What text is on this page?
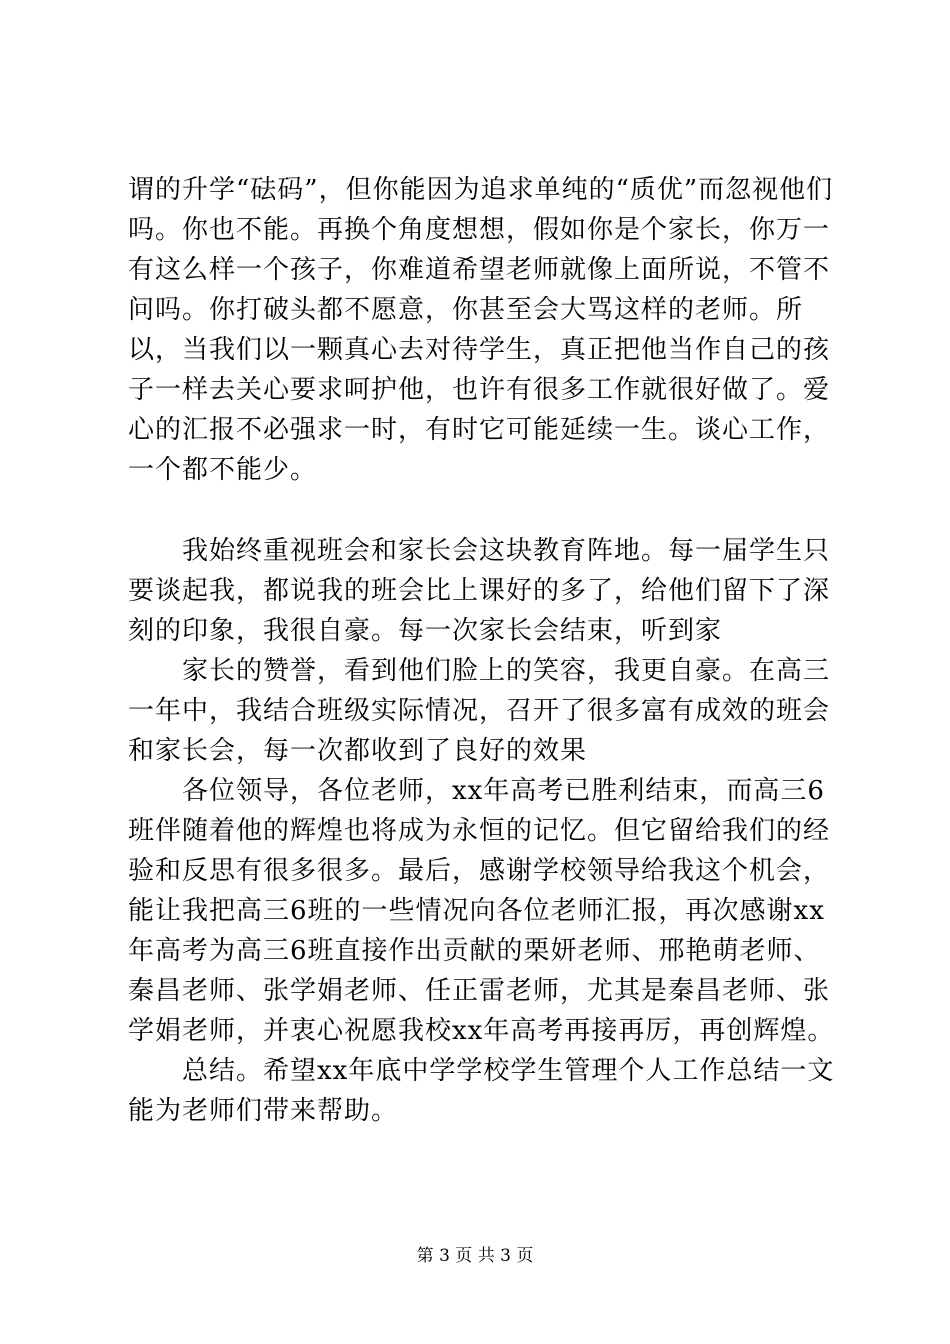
谓的升学“砝码”，但你能因为追求单纯的“质优”而忽视他们吗。你也不能。再换个角度想想，假如你是个家长，你万一有这么样一个孩子，你难道希望老师就像上面所说，不管不问吗。你打破头都不愿意，你甚至会大骂这样的老师。所以，当我们以一颗真心去对待学生，真正把他当作自己的孩子一样去关心要求呵护他，也许有很多工作就很好做了。爱心的汇报不必强求一时，有时它可能延续一生。谈心工作，一个都不能少。

我始终重视班会和家长会这块教育阵地。每一届学生只要谈起我，都说我的班会比上课好的多了，给他们留下了深刻的印象，我很自豪。每一次家长会结束，听到家

家长的赞誉，看到他们脸上的笑容，我更自豪。在高三一年中，我结合班级实际情况，召开了很多富有成效的班会和家长会，每一次都收到了良好的效果

各位领导，各位老师，xx年高考已胜利结束，而高三6班伴随着他的辉煌也将成为永恒的记忆。但它留给我们的经验和反思有很多很多。最后，感谢学校领导给我这个机会，能让我把高三6班的一些情况向各位老师汇报，再次感谢xx年高考为高三6班直接作出贡献的栗妍老师、邢艳萌老师、秦昌老师、张学娟老师、任正雷老师，尤其是秦昌老师、张学娟老师，并衷心祝愿我校xx年高考再接再厉，再创辉煌。

总结。希望xx年底中学学校学生管理个人工作总结一文能为老师们带来帮助。

第 3 页 共 3 页
